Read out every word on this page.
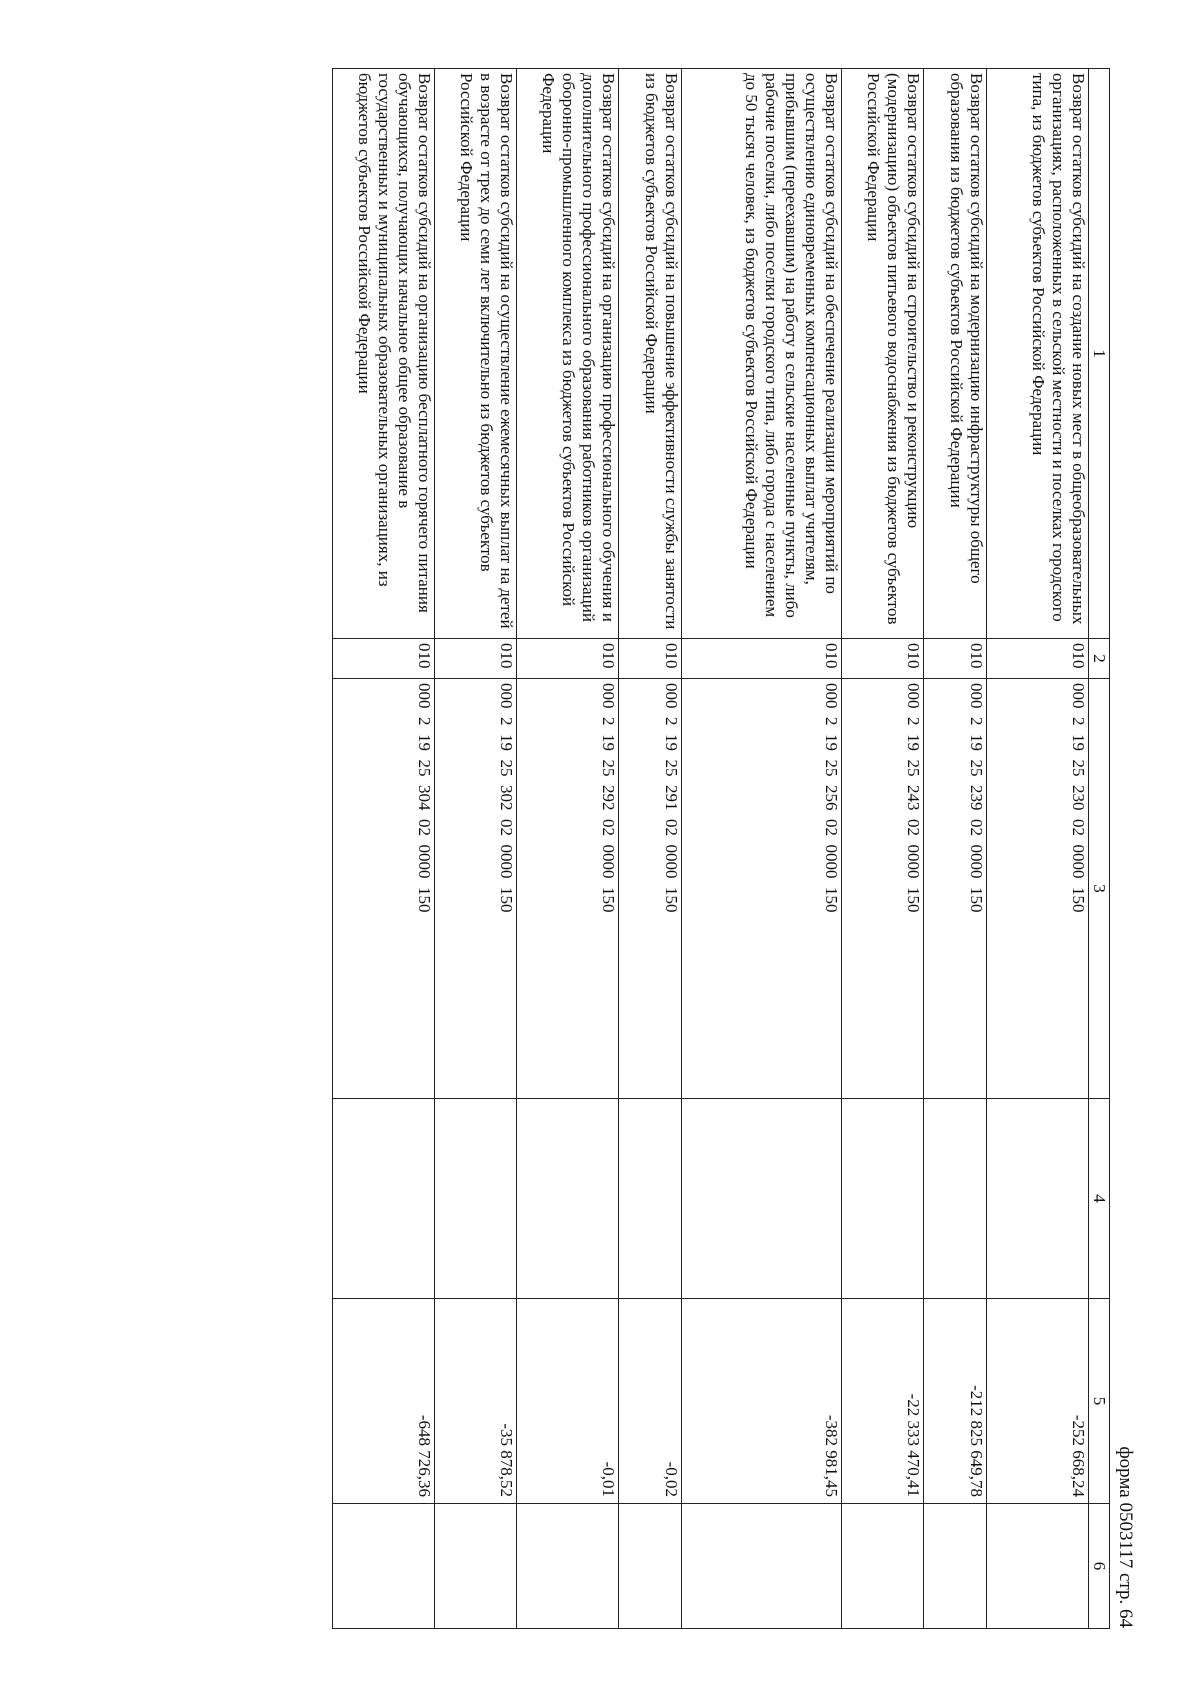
форма 0503117 стр. 64
1	2	3	4	5	6
Возврат остатков субсидий на создание новых мест в общеобразовательных организациях, расположенных в сельской местности и поселках городского типа, из бюджетов субъектов Российской Федерации	010	000  2  19  25  230  02  0000  150		-252 668,24	
Возврат остатков субсидий на модернизацию инфраструктуры общего образования из бюджетов субъектов Российской Федерации	010	000  2  19  25  239  02  0000  150		-212 825 649,78	
Возврат остатков субсидий на строительство и реконструкцию (модернизацию) объектов питьевого водоснабжения из бюджетов субъектов Российской Федерации	010	000  2  19  25  243  02  0000  150		-22 333 470,41	
Возврат остатков субсидий на обеспечение реализации мероприятий по осуществлению единовременных компенсационных выплат учителям, прибывшим (переехавшим) на работу в сельские населенные пункты, либо рабочие поселки, либо поселки городского типа, либо города с населением до 50 тысяч человек, из бюджетов субъектов Российской Федерации	010	000  2  19  25  256  02  0000  150		-382 981,45	
Возврат остатков субсидий на повышение эффективности службы занятости из бюджетов субъектов Российской Федерации	010	000  2  19  25  291  02  0000  150		-0,02	
Возврат остатков субсидий на организацию профессионального обучения и дополнительного профессионального образования работников организаций оборонно-промышленного комплекса из бюджетов субъектов Российской Федерации	010	000  2  19  25  292  02  0000  150		-0,01	
Возврат остатков субсидий на осуществление ежемесячных выплат на детей в возрасте от трех до семи лет включительно из бюджетов субъектов Российской Федерации	010	000  2  19  25  302  02  0000  150		-35 878,52	
Возврат остатков субсидий на организацию бесплатного горячего питания обучающихся, получающих начальное общее образование в государственных и муниципальных образовательных организациях, из бюджетов субъектов Российской Федерации	010	000  2  19  25  304  02  0000  150		-648 726,36	
